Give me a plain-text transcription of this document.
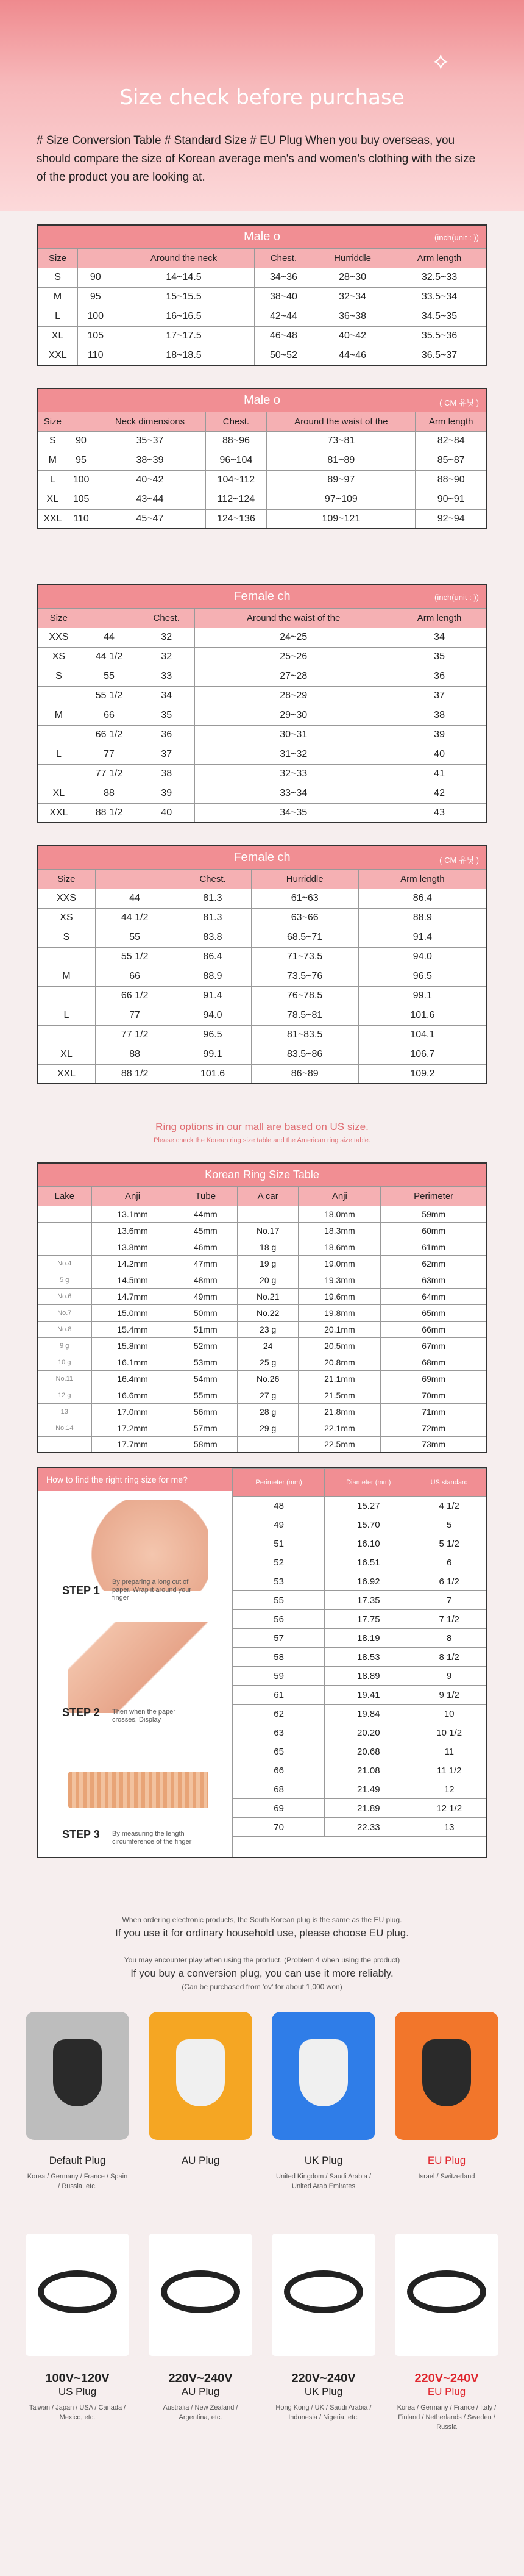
✧
Size check before purchase

# Size Conversion Table # Standard Size # EU Plug When you buy overseas, you should compare the size of Korean average men's and women's clothing with the size of the product you are looking at.

Male o (inch(unit : ))					

Size		Around the neck	Chest.	Hurriddle	Arm length
S	90	14~14.5	34~36	28~30	32.5~33
M	95	15~15.5	38~40	32~34	33.5~34
L	100	16~16.5	42~44	36~38	34.5~35
XL	105	17~17.5	46~48	40~42	35.5~36
XXL	110	18~18.5	50~52	44~46	36.5~37
Male o ( CM 유닛 )					

Size		Neck dimensions	Chest.	Around the waist of the	Arm length
S	90	35~37	88~96	73~81	82~84
M	95	38~39	96~104	81~89	85~87
L	100	40~42	104~112	89~97	88~90
XL	105	43~44	112~124	97~109	90~91
XXL	110	45~47	124~136	109~121	92~94
Female ch (inch(unit : ))				

Size		Chest.	Around the waist of the	Arm length
XXS	44	32	24~25	34
XS	44 1/2	32	25~26	35
S	55	33	27~28	36
	55 1/2	34	28~29	37
M	66	35	29~30	38
	66 1/2	36	30~31	39
L	77	37	31~32	40
	77 1/2	38	32~33	41
XL	88	39	33~34	42
XXL	88 1/2	40	34~35	43
Female ch ( CM 유닛 )				

Size		Chest.	Hurriddle	Arm length
XXS	44	81.3	61~63	86.4
XS	44 1/2	81.3	63~66	88.9
S	55	83.8	68.5~71	91.4
	55 1/2	86.4	71~73.5	94.0
M	66	88.9	73.5~76	96.5
	66 1/2	91.4	76~78.5	99.1
L	77	94.0	78.5~81	101.6
	77 1/2	96.5	81~83.5	104.1
XL	88	99.1	83.5~86	106.7
XXL	88 1/2	101.6	86~89	109.2
Ring options in our mall are based on US size.
Please check the Korean ring size table and the American ring size table.
Korean Ring Size Table					
Lake	Anji	Tube	A car	Anji	Perimeter
	13.1mm	44mm		18.0mm	59mm
	13.6mm	45mm	No.17	18.3mm	60mm
	13.8mm	46mm	18 g	18.6mm	61mm
No.4	14.2mm	47mm	19 g	19.0mm	62mm
5 g	14.5mm	48mm	20 g	19.3mm	63mm
No.6	14.7mm	49mm	No.21	19.6mm	64mm
No.7	15.0mm	50mm	No.22	19.8mm	65mm
No.8	15.4mm	51mm	23 g	20.1mm	66mm
9 g	15.8mm	52mm	24	20.5mm	67mm
10 g	16.1mm	53mm	25 g	20.8mm	68mm
No.11	16.4mm	54mm	No.26	21.1mm	69mm
12 g	16.6mm	55mm	27 g	21.5mm	70mm
13	17.0mm	56mm	28 g	21.8mm	71mm
No.14	17.2mm	57mm	29 g	22.1mm	72mm
	17.7mm	58mm		22.5mm	73mm
How to find the right ring size for me?
STEP 1
By preparing a long cut of paper. Wrap it around your finger
STEP 2 Then when the paper crosses, Display
STEP 3 By measuring the length circumference of the finger
Perimeter (mm)	Diameter (mm)	US standard
48	15.27	4 1/2
49	15.70	5
51	16.10	5 1/2
52	16.51	6
53	16.92	6 1/2
55	17.35	7
56	17.75	7 1/2
57	18.19	8
58	18.53	8 1/2
59	18.89	9
61	19.41	9 1/2
62	19.84	10
63	20.20	10 1/2
65	20.68	11
66	21.08	11 1/2
68	21.49	12
69	21.89	12 1/2
70	22.33	13
When ordering electronic products, the South Korean plug is the same as the EU plug.
If you use it for ordinary household use, please choose EU plug.
You may encounter play when using the product. (Problem 4 when using the product)
If you buy a conversion plug, you can use it more reliably.
(Can be purchased from 'ov' for about 1,000 won)
Default Plug
Korea / Germany / France / Spain / Russia, etc.
AU Plug	UK Plug
United Kingdom / Saudi Arabia / United Arab Emirates
EU Plug
Israel / Switzerland
100V~120V
US Plug
Taiwan / Japan / USA / Canada / Mexico, etc.
220V~240V
AU Plug
Australia / New Zealand / Argentina, etc.
220V~240V
UK Plug
Hong Kong / UK / Saudi Arabia / Indonesia / Nigeria, etc.
220V~240V
EU Plug
Korea / Germany / France / Italy / Finland / Netherlands / Sweden / Russia
